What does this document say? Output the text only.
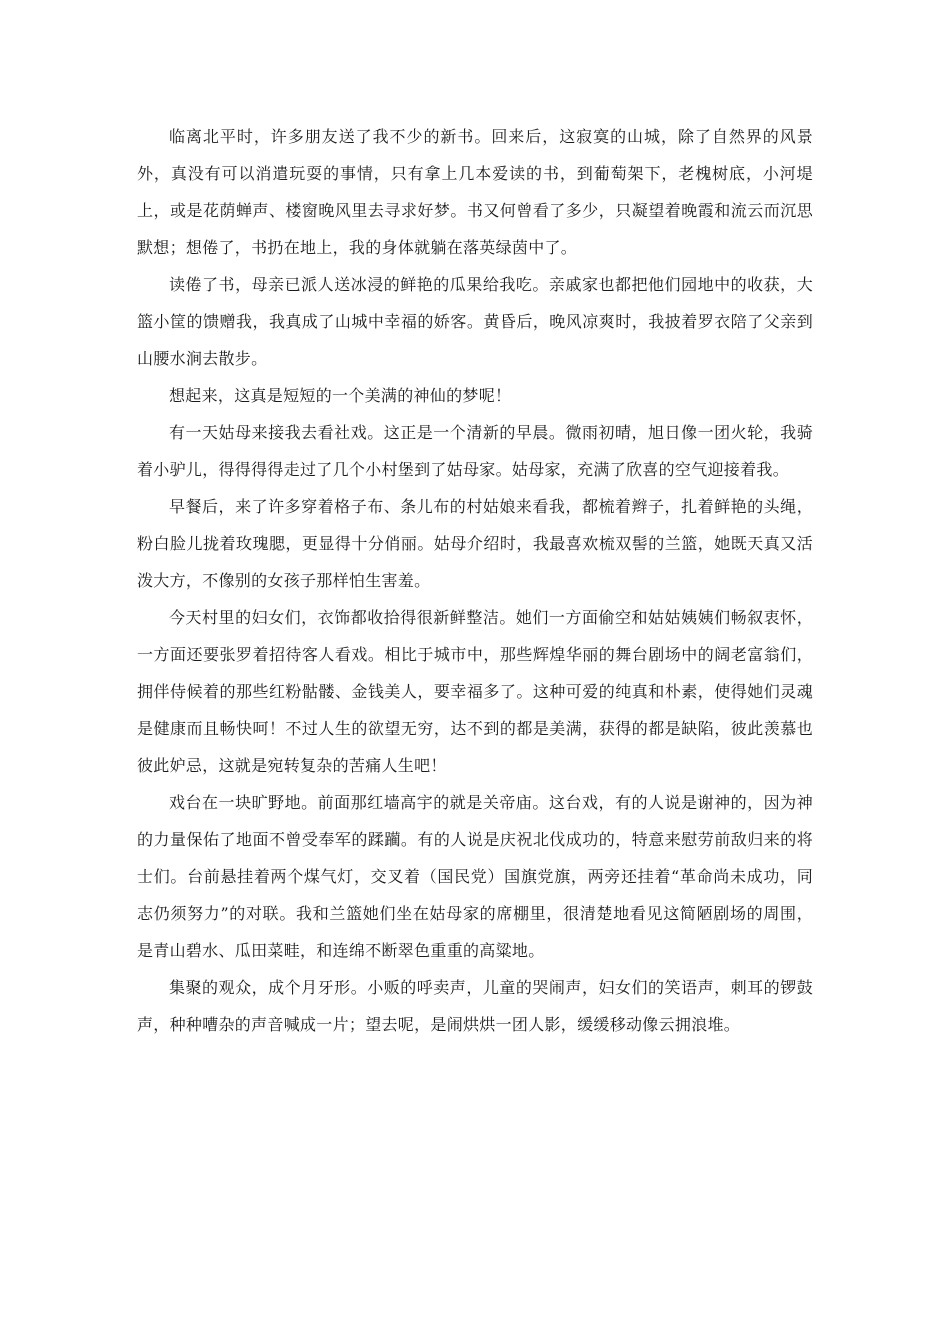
临离北平时，许多朋友送了我不少的新书。回来后，这寂寞的山城，除了自然界的风景外，真没有可以消遣玩耍的事情，只有拿上几本爱读的书，到葡萄架下，老槐树底，小河堤上，或是花荫蝉声、楼窗晚风里去寻求好梦。书又何曾看了多少，只凝望着晚霞和流云而沉思默想；想倦了，书扔在地上，我的身体就躺在落英绿茵中了。

读倦了书，母亲已派人送冰浸的鲜艳的瓜果给我吃。亲戚家也都把他们园地中的收获，大篮小筐的馈赠我，我真成了山城中幸福的娇客。黄昏后，晚风凉爽时，我披着罗衣陪了父亲到山腰水涧去散步。

想起来，这真是短短的一个美满的神仙的梦呢！

有一天姑母来接我去看社戏。这正是一个清新的早晨。微雨初晴，旭日像一团火轮，我骑着小驴儿，得得得得走过了几个小村堡到了姑母家。姑母家，充满了欣喜的空气迎接着我。

早餐后，来了许多穿着格子布、条儿布的村姑娘来看我，都梳着辫子，扎着鲜艳的头绳，粉白脸儿拢着玫瑰腮，更显得十分俏丽。姑母介绍时，我最喜欢梳双髻的兰篮，她既天真又活泼大方，不像别的女孩子那样怕生害羞。

今天村里的妇女们，衣饰都收拾得很新鲜整洁。她们一方面偷空和姑姑姨姨们畅叙衷怀，一方面还要张罗着招待客人看戏。相比于城市中，那些辉煌华丽的舞台剧场中的阔老富翁们，拥伴侍候着的那些红粉骷髅、金钱美人，要幸福多了。这种可爱的纯真和朴素，使得她们灵魂是健康而且畅快呵！不过人生的欲望无穷，达不到的都是美满，获得的都是缺陷，彼此羡慕也彼此妒忌，这就是宛转复杂的苦痛人生吧！

戏台在一块旷野地。前面那红墙高宇的就是关帝庙。这台戏，有的人说是谢神的，因为神的力量保佑了地面不曾受奉军的蹂躏。有的人说是庆祝北伐成功的，特意来慰劳前敌归来的将士们。台前悬挂着两个煤气灯，交叉着（国民党）国旗党旗，两旁还挂着“革命尚未成功，同志仍须努力”的对联。我和兰篮她们坐在姑母家的席棚里，很清楚地看见这简陋剧场的周围，是青山碧水、瓜田菜畦，和连绵不断翠色重重的高粱地。

集聚的观众，成个月牙形。小贩的呼卖声，儿童的哭闹声，妇女们的笑语声，刺耳的锣鼓声，种种嘈杂的声音喊成一片；望去呢，是闹烘烘一团人影，缓缓移动像云拥浪堆。
